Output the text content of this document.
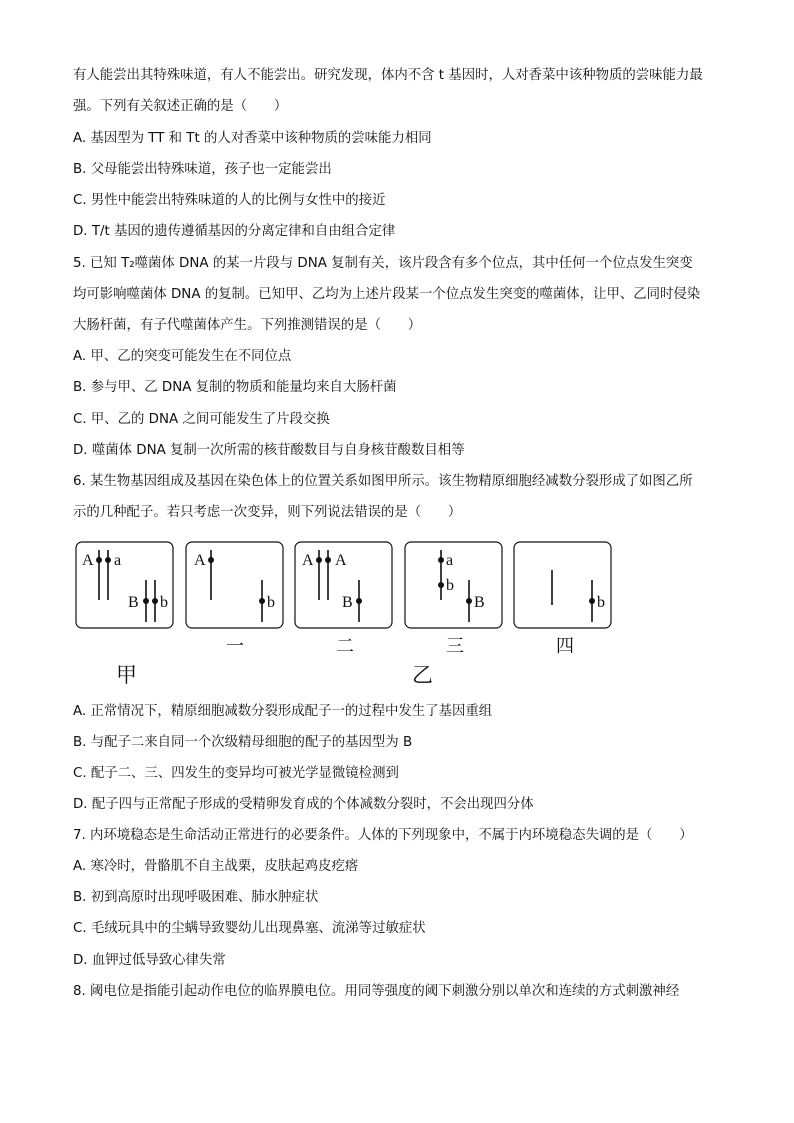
有人能尝出其特殊味道，有人不能尝出。研究发现，体内不含 t 基因时，人对香菜中该种物质的尝味能力最
强。下列有关叙述正确的是（　　）
A. 基因型为 TT 和 Tt 的人对香菜中该种物质的尝味能力相同
B. 父母能尝出特殊味道，孩子也一定能尝出
C. 男性中能尝出特殊味道的人的比例与女性中的接近
D. T/t 基因的遗传遵循基因的分离定律和自由组合定律
5. 已知 T₂噬菌体 DNA 的某一片段与 DNA 复制有关，该片段含有多个位点，其中任何一个位点发生突变
均可影响噬菌体 DNA 的复制。已知甲、乙均为上述片段某一个位点发生突变的噬菌体，让甲、乙同时侵染
大肠杆菌，有子代噬菌体产生。下列推测错误的是（　　）
A. 甲、乙的突变可能发生在不同位点
B. 参与甲、乙 DNA 复制的物质和能量均来自大肠杆菌
C. 甲、乙的 DNA 之间可能发生了片段交换
D. 噬菌体 DNA 复制一次所需的核苷酸数目与自身核苷酸数目相等
6. 某生物基因组成及基因在染色体上的位置关系如图甲所示。该生物精原细胞经减数分裂形成了如图乙所
示的几种配子。若只考虑一次变异，则下列说法错误的是（　　）
A a
B b
A
b
A A
B
a
b
B	b
一	二	三	四
甲	乙
A. 正常情况下，精原细胞减数分裂形成配子一的过程中发生了基因重组
B. 与配子二来自同一个次级精母细胞的配子的基因型为 B
C. 配子二、三、四发生的变异均可被光学显微镜检测到
D. 配子四与正常配子形成的受精卵发育成的个体减数分裂时，不会出现四分体
7. 内环境稳态是生命活动正常进行的必要条件。人体的下列现象中，不属于内环境稳态失调的是（　　）
A. 寒冷时，骨骼肌不自主战栗，皮肤起鸡皮疙瘩
B. 初到高原时出现呼吸困难、肺水肿症状
C. 毛绒玩具中的尘螨导致婴幼儿出现鼻塞、流涕等过敏症状
D. 血钾过低导致心律失常
8. 阈电位是指能引起动作电位的临界膜电位。用同等强度的阈下刺激分别以单次和连续的方式刺激神经
